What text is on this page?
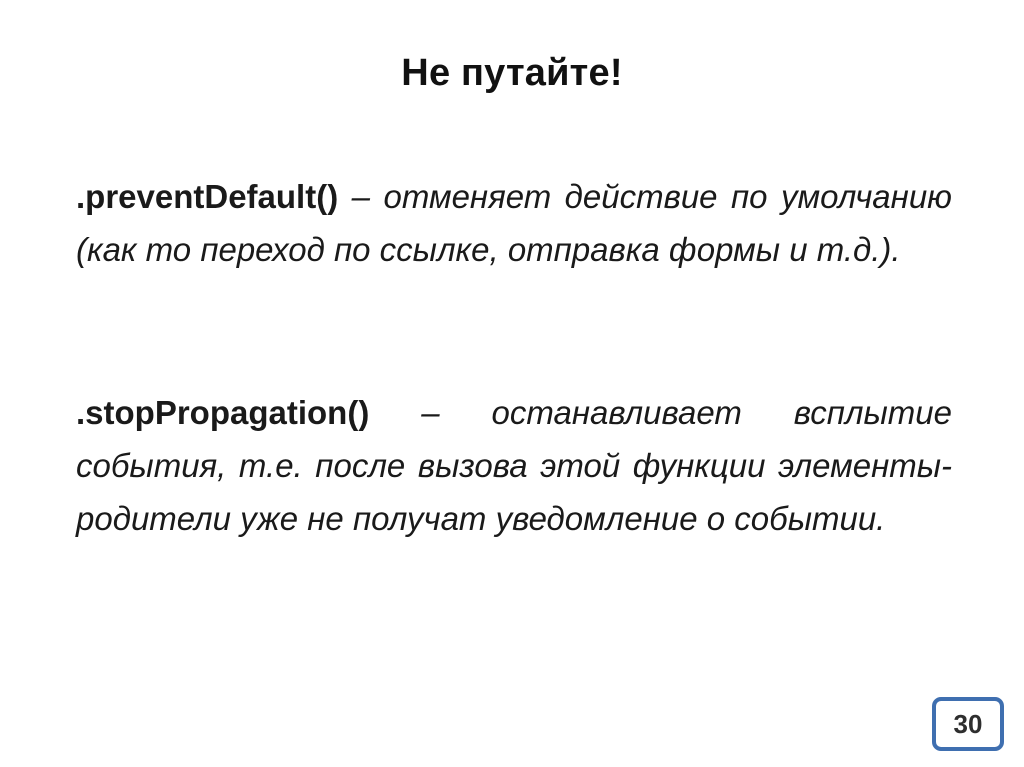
Не путайте!
.preventDefault() – отменяет действие по умолчанию (как то переход по ссылке, отправка формы и т.д.).
.stopPropagation() – останавливает всплытие события, т.е. после вызова этой функции элементы-родители уже не получат уведомление о событии.
30
